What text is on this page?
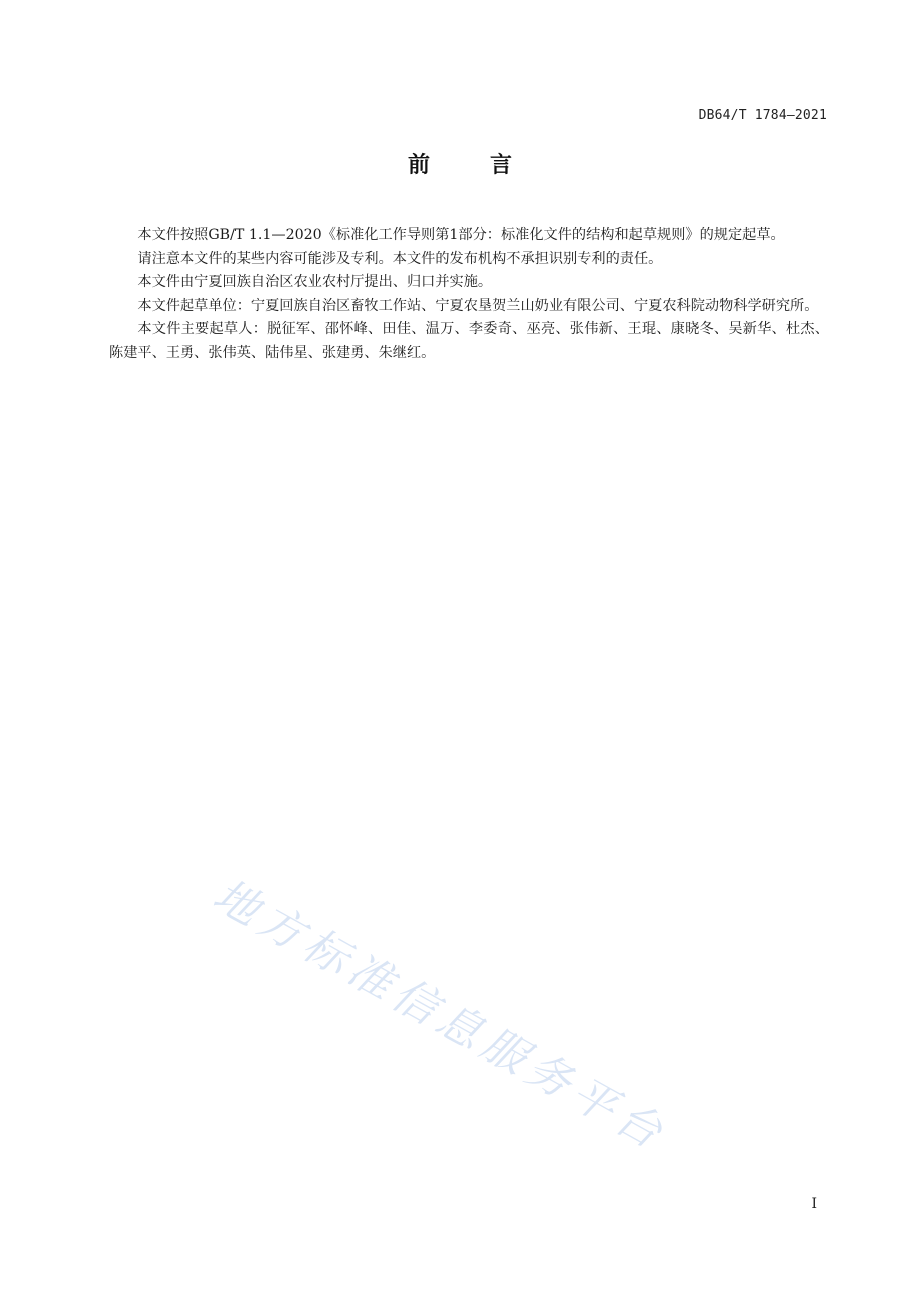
DB64/T 1784—2021
前	言

本文件按照GB/T 1.1—2020《标准化工作导则第1部分：标准化文件的结构和起草规则》的规定起草。

请注意本文件的某些内容可能涉及专利。本文件的发布机构不承担识别专利的责任。

本文件由宁夏回族自治区农业农村厅提出、归口并实施。

本文件起草单位：宁夏回族自治区畜牧工作站、宁夏农垦贺兰山奶业有限公司、宁夏农科院动物科学研究所。

本文件主要起草人：脱征军、邵怀峰、田佳、温万、李委奇、巫亮、张伟新、王琨、康晓冬、吴新华、杜杰、陈建平、王勇、张伟英、陆伟星、张建勇、朱继红。

地方标准信息服务平台
I
